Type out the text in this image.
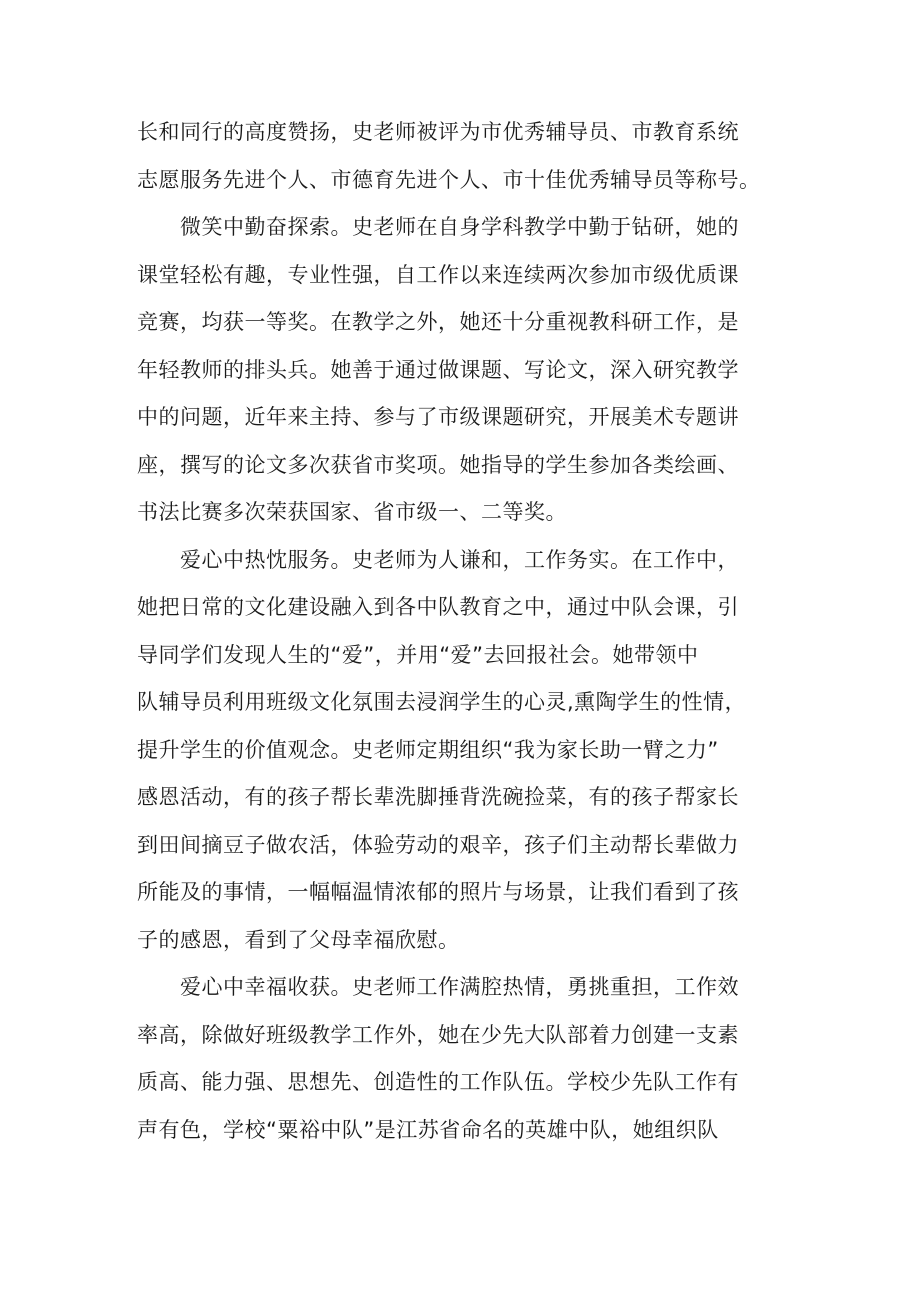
长和同行的高度赞扬，史老师被评为市优秀辅导员、市教育系统
志愿服务先进个人、市德育先进个人、市十佳优秀辅导员等称号。
　　微笑中勤奋探索。史老师在自身学科教学中勤于钻研，她的
课堂轻松有趣，专业性强，自工作以来连续两次参加市级优质课
竞赛，均获一等奖。在教学之外，她还十分重视教科研工作，是
年轻教师的排头兵。她善于通过做课题、写论文，深入研究教学
中的问题，近年来主持、参与了市级课题研究，开展美术专题讲
座，撰写的论文多次获省市奖项。她指导的学生参加各类绘画、
书法比赛多次荣获国家、省市级一、二等奖。
　　爱心中热忱服务。史老师为人谦和，工作务实。在工作中，
她把日常的文化建设融入到各中队教育之中，通过中队会课，引
导同学们发现人生的“爱”，并用“爱”去回报社会。她带领中
队辅导员利用班级文化氛围去浸润学生的心灵,熏陶学生的性情，
提升学生的价值观念。史老师定期组织“我为家长助一臂之力”
感恩活动，有的孩子帮长辈洗脚捶背洗碗捡菜，有的孩子帮家长
到田间摘豆子做农活，体验劳动的艰辛，孩子们主动帮长辈做力
所能及的事情，一幅幅温情浓郁的照片与场景，让我们看到了孩
子的感恩，看到了父母幸福欣慰。
　　爱心中幸福收获。史老师工作满腔热情，勇挑重担，工作效
率高，除做好班级教学工作外，她在少先大队部着力创建一支素
质高、能力强、思想先、创造性的工作队伍。学校少先队工作有
声有色，学校“粟裕中队”是江苏省命名的英雄中队，她组织队
